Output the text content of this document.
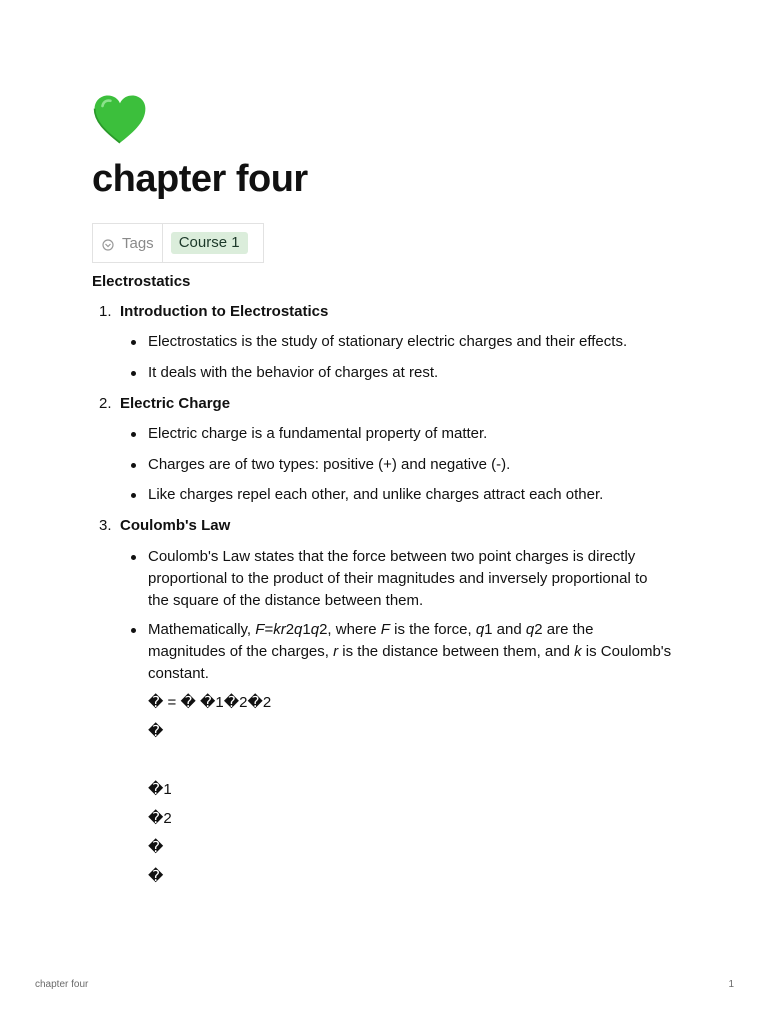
chapter four
Tags	Course 1
Electrostatics
1. Introduction to Electrostatics
Electrostatics is the study of stationary electric charges and their effects.
It deals with the behavior of charges at rest.
2. Electric Charge
Electric charge is a fundamental property of matter.
Charges are of two types: positive (+) and negative (-).
Like charges repel each other, and unlike charges attract each other.
3. Coulomb's Law
Coulomb's Law states that the force between two point charges is directly proportional to the product of their magnitudes and inversely proportional to the square of the distance between them.
Mathematically, F=kr2q1q2, where F is the force, q1 and q2 are the magnitudes of the charges, r is the distance between them, and k is Coulomb's constant.
� = � �1�2�2
�
�1
�2
�
�
chapter four	1
